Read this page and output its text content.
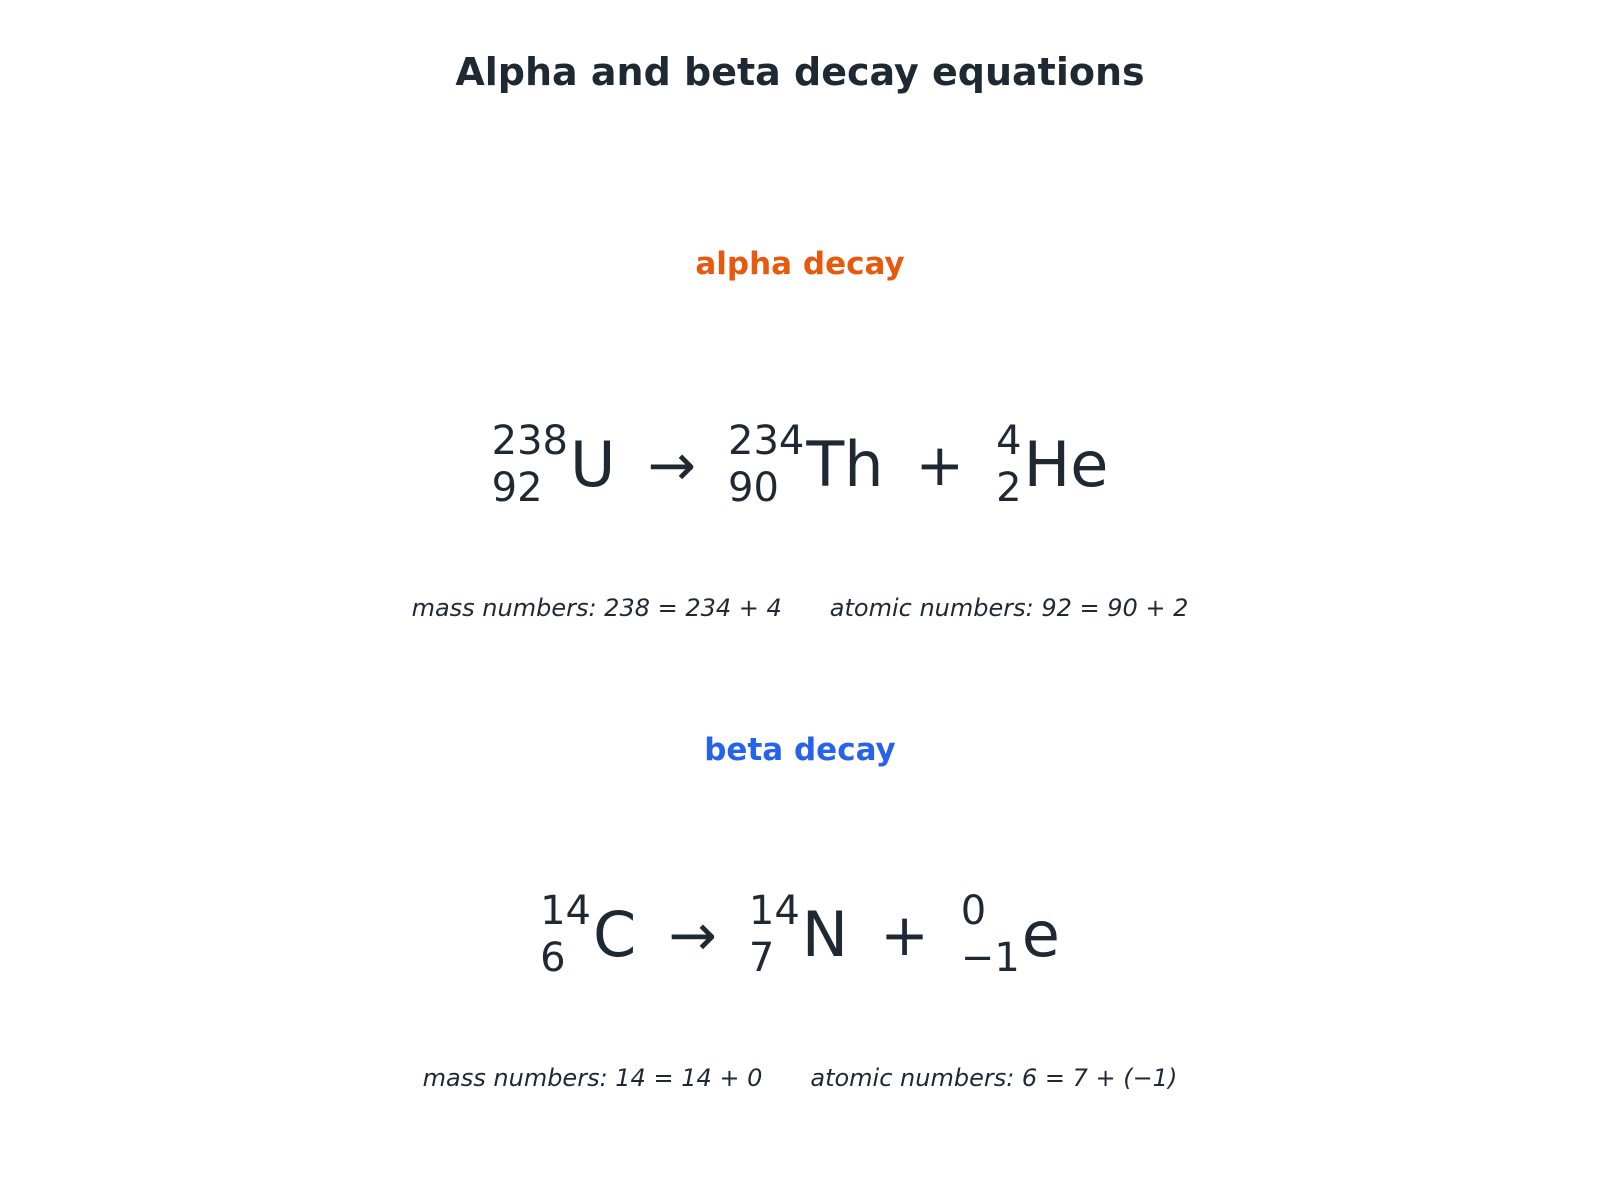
Alpha and beta decay equations
alpha decay
238
92 U → 234
90 Th + 4
2 He
mass numbers: 238 = 234 + 4 atomic numbers: 92 = 90 + 2
beta decay
14
6 C → 14
7 N + 0
−1 e
mass numbers: 14 = 14 + 0 atomic numbers: 6 = 7 + (−1)
